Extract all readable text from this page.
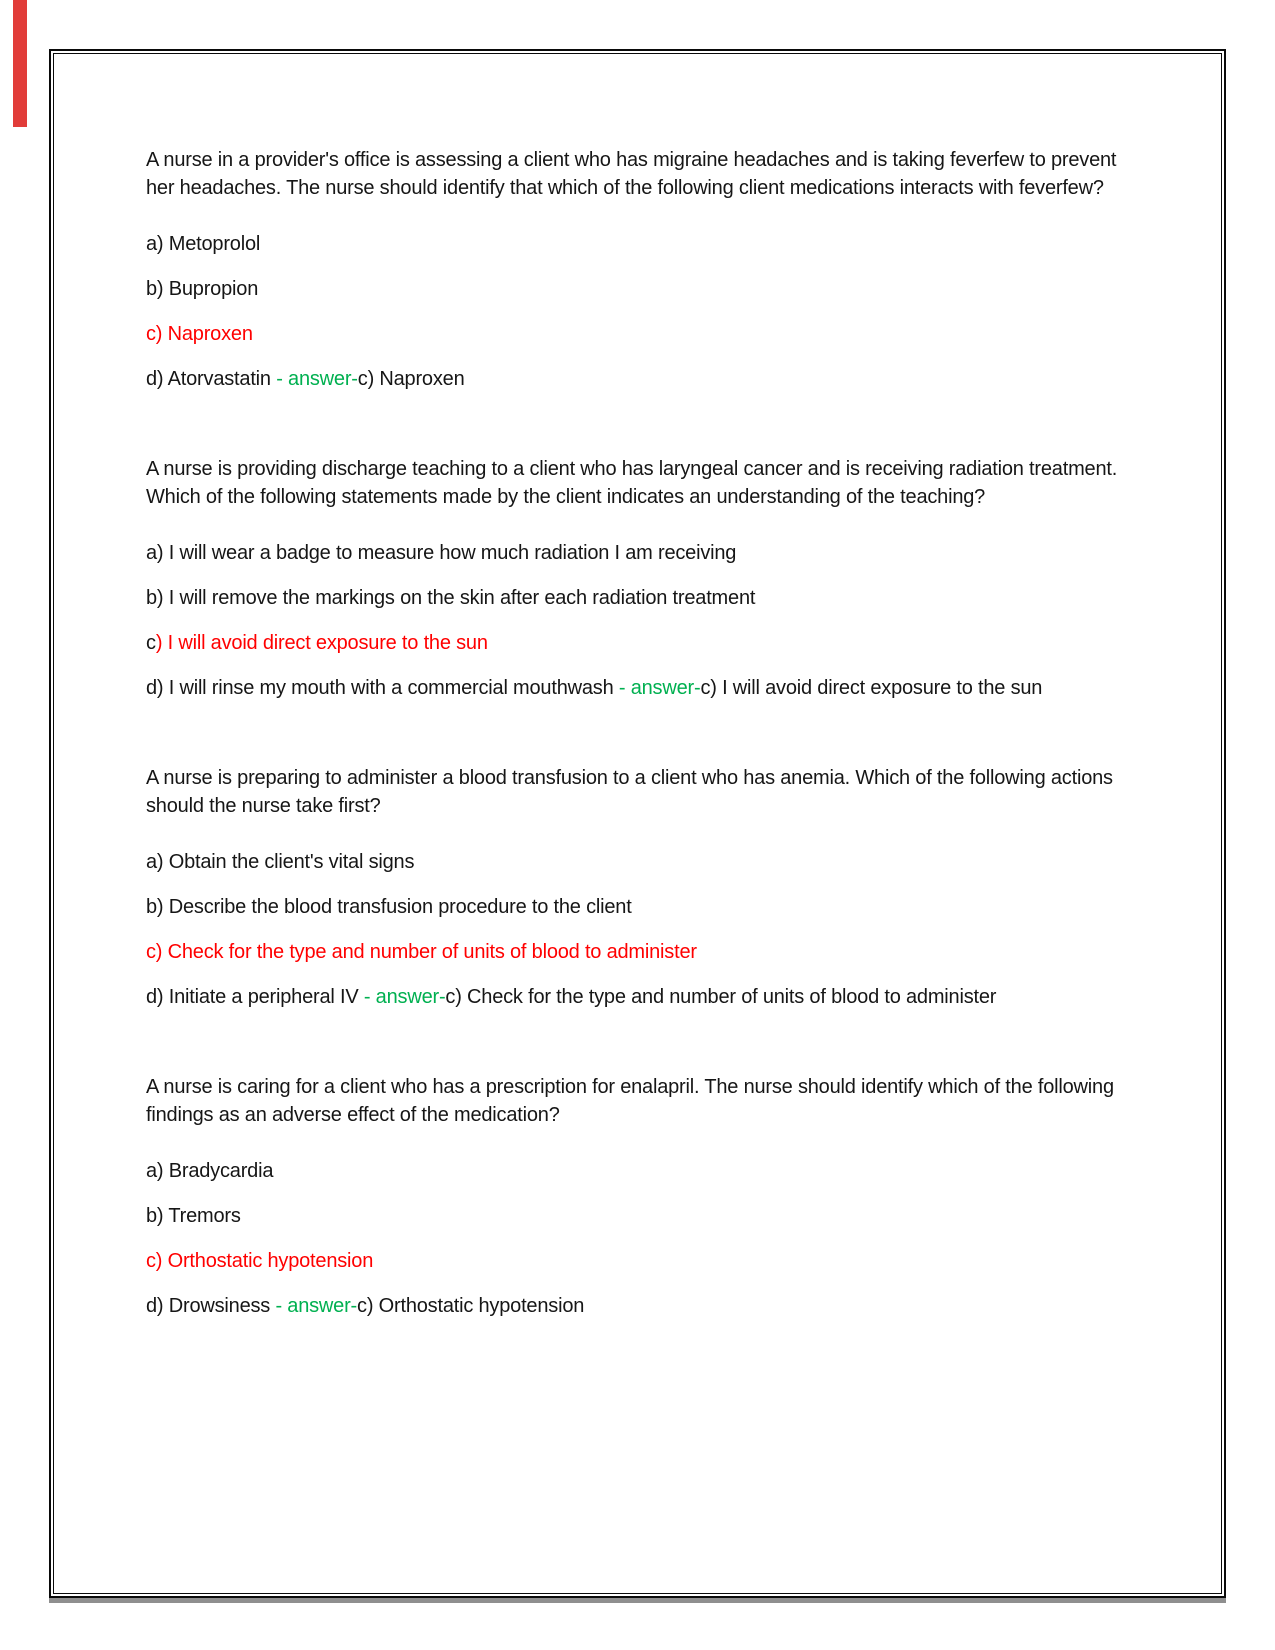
A nurse in a provider's office is assessing a client who has migraine headaches and is taking feverfew to prevent her headaches. The nurse should identify that which of the following client medications interacts with feverfew?

a) Metoprolol

b) Bupropion

c) Naproxen

d) Atorvastatin - answer-c) Naproxen

A nurse is providing discharge teaching to a client who has laryngeal cancer and is receiving radiation treatment. Which of the following statements made by the client indicates an understanding of the teaching?

a) I will wear a badge to measure how much radiation I am receiving

b) I will remove the markings on the skin after each radiation treatment

c) I will avoid direct exposure to the sun

d) I will rinse my mouth with a commercial mouthwash - answer-c) I will avoid direct exposure to the sun

A nurse is preparing to administer a blood transfusion to a client who has anemia. Which of the following actions should the nurse take first?

a) Obtain the client's vital signs

b) Describe the blood transfusion procedure to the client

c) Check for the type and number of units of blood to administer

d) Initiate a peripheral IV - answer-c) Check for the type and number of units of blood to administer

A nurse is caring for a client who has a prescription for enalapril. The nurse should identify which of the following findings as an adverse effect of the medication?

a) Bradycardia

b) Tremors

c) Orthostatic hypotension

d) Drowsiness - answer-c) Orthostatic hypotension
